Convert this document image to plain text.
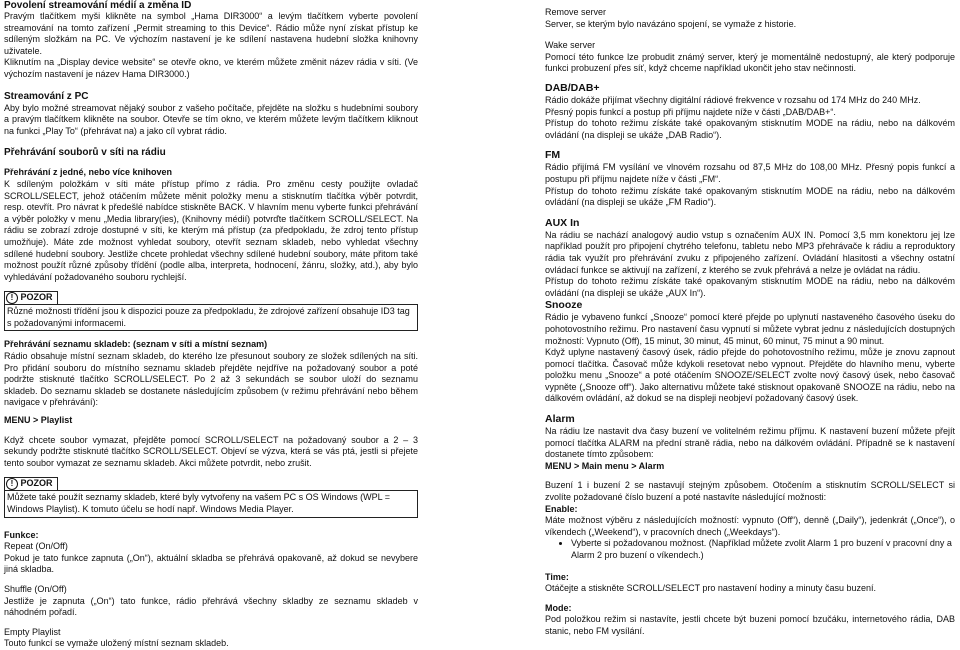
Povolení streamování médií a změna ID

Pravým tlačítkem myši klikněte na symbol „Hama DIR3000“ a levým tlačítkem vyberte povolení streamování na tomto zařízení „Permit streaming to this Device“. Rádio může nyní získat přístup ke sdíleným složkám na PC. Ve výchozím nastavení je ke sdílení nastavena hudební složka knihovny uživatele.

Kliknutím na „Display device website“ se otevře okno, ve kterém můžete změnit název rádia v síti. (Ve výchozím nastavení je název Hama DIR3000.)

Streamování z PC

Aby bylo možné streamovat nějaký soubor z vašeho počítače, přejděte na složku s hudebními soubory a pravým tlačítkem klikněte na soubor. Otevře se tím okno, ve kterém můžete levým tlačítkem kliknout na funkci „Play To“ (přehrávat na) a jako cíl vybrat rádio.

Přehrávání souborů v síti na rádiu

Přehrávání z jedné, nebo více knihoven

K sdíleným položkám v síti máte přístup přímo z rádia. Pro změnu cesty použijte ovladač SCROLL/SELECT, jehož otáčením můžete měnit položky menu a stisknutím tlačítka výběr potvrdit, resp. otevřít. Pro návrat k předešlé nabídce stiskněte BACK. V hlavním menu vyberte funkci přehrávání a výběr položky v menu „Media library(ies), (Knihovny médií) potvrďte tlačítkem SCROLL/SELECT. Na rádiu se zobrazí zdroje dostupné v síti, ke kterým má přístup (za předpokladu, že zdroj tento přístup umožňuje). Máte zde možnost vyhledat soubory, otevřít seznam skladeb, nebo vyhledat všechny sdílené hudební soubory. Jestliže chcete prohledat všechny sdílené hudební soubory, máte přitom také možnost použít různé způsoby třídění (podle alba, interpreta, hodnocení, žánru, složky, atd.), aby bylo vyhledávání požadovaného souboru rychlejší.

! POZOR

Různé možnosti třídění jsou k dispozici pouze za předpokladu, že zdrojové zařízení obsahuje ID3 tag s požadovanými informacemi.

Přehrávání seznamu skladeb: (seznam v síti a místní seznam)

Rádio obsahuje místní seznam skladeb, do kterého lze přesunout soubory ze složek sdílených na síti. Pro přidání souboru do místního seznamu skladeb přejděte nejdříve na požadovaný soubor a poté podržte stisknuté tlačítko SCROLL/SELECT. Po 2 až 3 sekundách se soubor uloží do seznamu skladeb. Do seznamu skladeb se dostanete následujícím způsobem (v režimu přehrávání nebo během navigace v přehrávání):

MENU > Playlist

Když chcete soubor vymazat, přejděte pomocí SCROLL/SELECT na požadovaný soubor a 2 – 3 sekundy podržte stisknuté tlačítko SCROLL/SELECT. Objeví se výzva, která se vás ptá, jestli si přejete tento soubor vymazat ze seznamu skladeb. Akci můžete potvrdit, nebo zrušit.

! POZOR

Můžete také použít seznamy skladeb, které byly vytvořeny na vašem PC s OS Windows (WPL = Windows Playlist). K tomuto účelu se hodí např. Windows Media Player.

Funkce:

Repeat (On/Off)

Pokud je tato funkce zapnuta („On“), aktuální skladba se přehrává opakovaně, až dokud se nevybere jiná skladba.

Shuffle (On/Off)

Jestliže je zapnuta („On“) tato funkce, rádio přehrává všechny skladby ze seznamu skladeb v náhodném pořadí.

Empty Playlist

Touto funkcí se vymaže uložený místní seznam skladeb.

Remove server

Server, se kterým bylo navázáno spojení, se vymaže z historie.

Wake server

Pomocí této funkce lze probudit známý server, který je momentálně nedostupný, ale který podporuje funkci probuzení přes síť, když chceme například ukončit jeho stav nečinnosti.

DAB/DAB+

Rádio dokáže přijímat všechny digitální rádiové frekvence v rozsahu od 174 MHz do 240 MHz.

Přesný popis funkcí a postup při příjmu najdete níže v části „DAB/DAB+“.

Přístup do tohoto režimu získáte také opakovaným stisknutím MODE na rádiu, nebo na dálkovém ovládání (na displeji se ukáže „DAB Radio“).

FM

Rádio přijímá FM vysílání ve vlnovém rozsahu od 87,5 MHz do 108,00 MHz. Přesný popis funkcí a postupu při příjmu najdete níže v části „FM“.

Přístup do tohoto režimu získáte také opakovaným stisknutím MODE na rádiu, nebo na dálkovém ovládání (na displeji se ukáže „FM Radio“).

AUX In

Na rádiu se nachází analogový audio vstup s označením AUX IN. Pomocí 3,5 mm konektoru jej lze například použít pro připojení chytrého telefonu, tabletu nebo MP3 přehrávače k rádiu a reproduktory rádia tak využít pro přehrávání zvuku z připojeného zařízení. Ovládání hlasitosti a všechny ostatní ovládací funkce se aktivují na zařízení, z kterého se zvuk přehrává a nelze je ovládat na rádiu.

Přístup do tohoto režimu získáte také opakovaným stisknutím MODE na rádiu, nebo na dálkovém ovládání (na displeji se ukáže „AUX In“).

Snooze

Rádio je vybaveno funkcí „Snooze“ pomocí které přejde po uplynutí nastaveného časového úseku do pohotovostního režimu. Pro nastavení času vypnutí si můžete vybrat jednu z následujících dostupných možností: Vypnuto (Off), 15 minut, 30 minut, 45 minut, 60 minut, 75 minut a 90 minut.

Když uplyne nastavený časový úsek, rádio přejde do pohotovostního režimu, může je znovu zapnout pomocí tlačítka. Časovač může kdykoli resetovat nebo vypnout. Přejděte do hlavního menu, vyberte položku menu „Snooze“ a poté otáčením SNOOZE/SELECT zvolte nový časový úsek, nebo časovač vypněte („Snooze off“). Jako alternativu můžete také stisknout opakovaně SNOOZE na rádiu, nebo na dálkovém ovládání, až dokud se na displeji neobjeví požadovaný časový úsek.

Alarm

Na rádiu lze nastavit dva časy buzení ve volitelném režimu příjmu. K nastavení buzení můžete přejít pomocí tlačítka ALARM na přední straně rádia, nebo na dálkovém ovládání. Případně se k nastavení dostanete tímto způsobem:

MENU > Main menu > Alarm

Buzení 1 i buzení 2 se nastavují stejným způsobem. Otočením a stisknutím SCROLL/SELECT si zvolíte požadované číslo buzení a poté nastavíte následující možnosti:

Enable:

Máte možnost výběru z následujících možností: vypnuto (Off“), denně („Daily“), jedenkrát („Once“), o víkendech („Weekend“), v pracovních dnech („Weekdays“).

• Vyberte si požadovanou možnost. (Například můžete zvolit Alarm 1 pro buzení v pracovní dny a Alarm 2 pro buzení o víkendech.)

Time:

Otáčejte a stiskněte SCROLL/SELECT pro nastavení hodiny a minuty času buzení.

Mode:

Pod položkou režim si nastavíte, jestli chcete být buzeni pomocí bzučáku, internetového rádia, DAB stanic, nebo FM vysílání.
